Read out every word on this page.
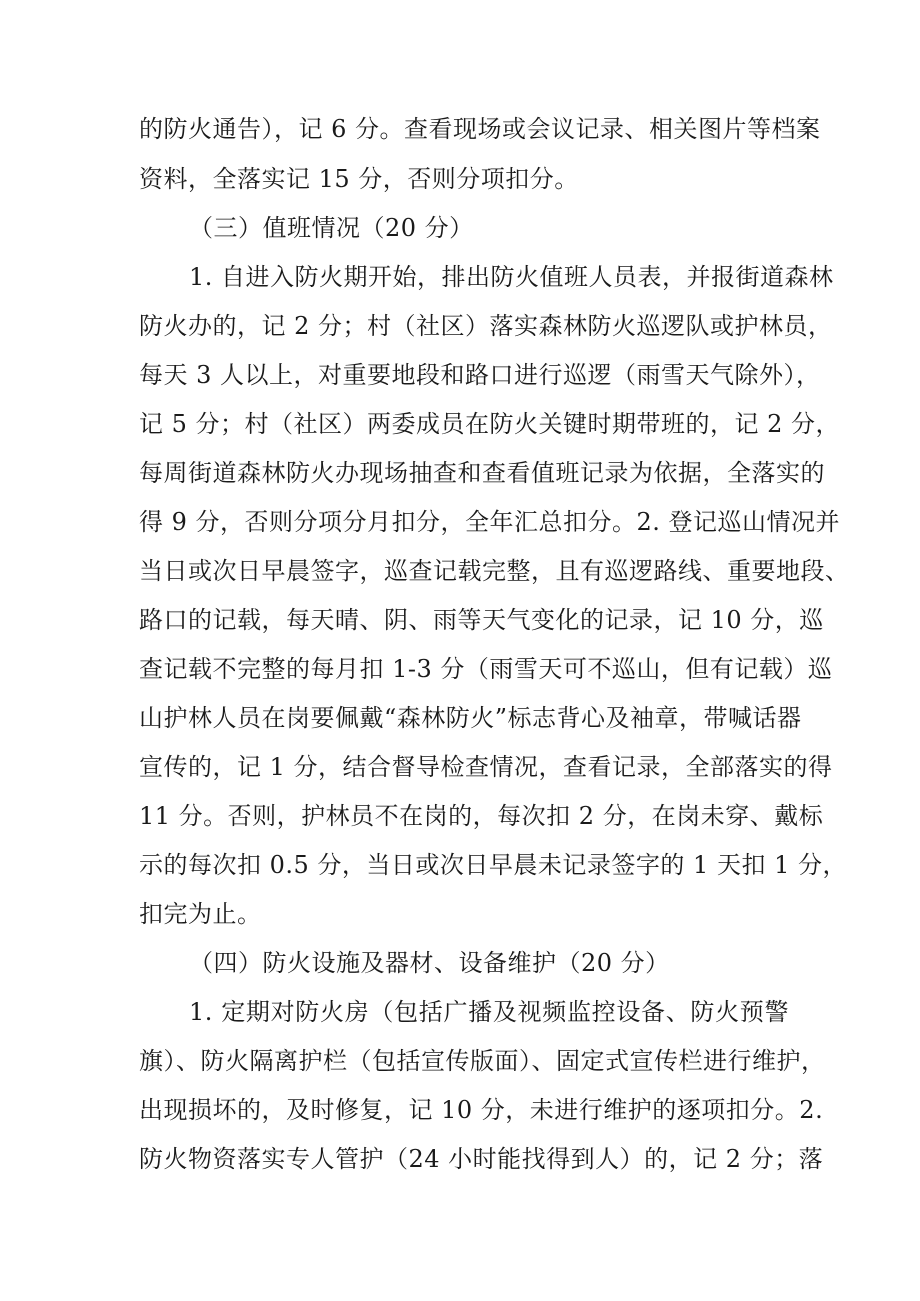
的防火通告），记 6 分。查看现场或会议记录、相关图片等档案
资料，全落实记 15 分，否则分项扣分。
（三）值班情况（20 分）
1. 自进入防火期开始，排出防火值班人员表，并报街道森林
防火办的，记 2 分；村（社区）落实森林防火巡逻队或护林员，
每天 3 人以上，对重要地段和路口进行巡逻（雨雪天气除外），
记 5 分；村（社区）两委成员在防火关键时期带班的，记 2 分，
每周街道森林防火办现场抽查和查看值班记录为依据，全落实的
得 9 分，否则分项分月扣分，全年汇总扣分。2. 登记巡山情况并
当日或次日早晨签字，巡查记载完整，且有巡逻路线、重要地段、
路口的记载，每天晴、阴、雨等天气变化的记录，记 10 分，巡
查记载不完整的每月扣 1-3 分（雨雪天可不巡山，但有记载）巡
山护林人员在岗要佩戴“森林防火”标志背心及袖章，带喊话器
宣传的，记 1 分，结合督导检查情况，查看记录，全部落实的得
11 分。否则，护林员不在岗的，每次扣 2 分，在岗未穿、戴标
示的每次扣 0.5 分，当日或次日早晨未记录签字的 1 天扣 1 分，
扣完为止。
（四）防火设施及器材、设备维护（20 分）
1. 定期对防火房（包括广播及视频监控设备、防火预警
旗）、防火隔离护栏（包括宣传版面）、固定式宣传栏进行维护，
出现损坏的，及时修复，记 10 分，未进行维护的逐项扣分。2.
防火物资落实专人管护（24 小时能找得到人）的，记 2 分；落
